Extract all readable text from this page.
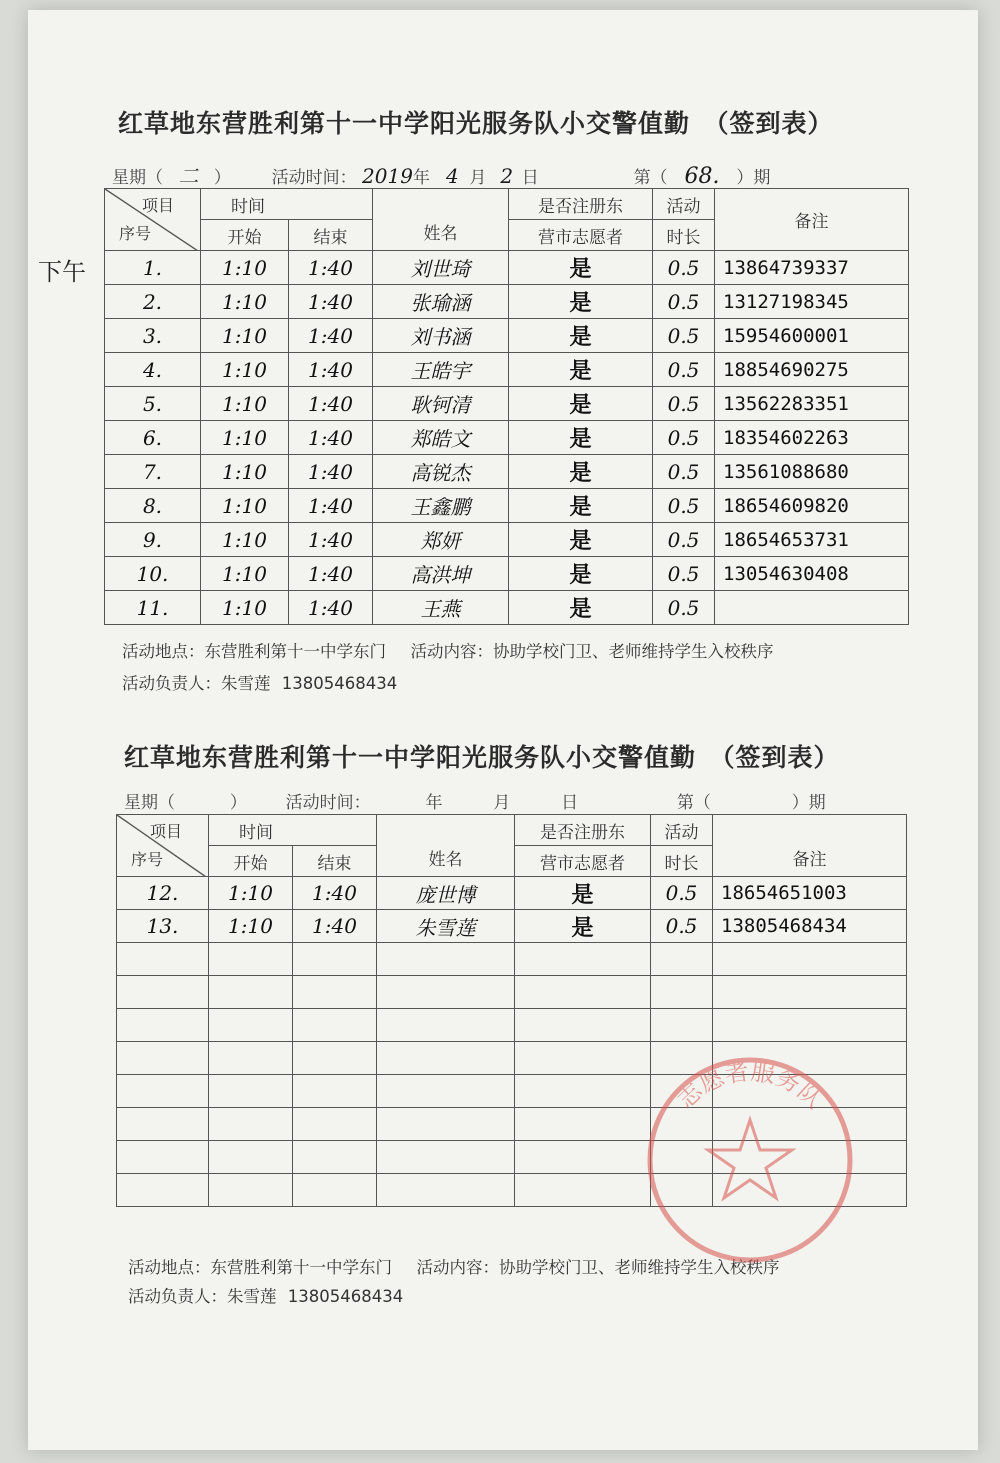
下午
红草地东营胜利第十一中学阳光服务队小交警值勤　（签到表）
星期（ 二 ） 活动时间： 2019年 4 月 2 日	第（ 68. ）期
项目
序号	时间		姓名	是否注册东	活动	备注
	开始	结束		营市志愿者	时长	
1.	1:10	1:40	刘世琦	是	0.5	13864739337
2.	1:10	1:40	张瑜涵	是	0.5	13127198345
3.	1:10	1:40	刘书涵	是	0.5	15954600001
4.	1:10	1:40	王皓宇	是	0.5	18854690275
5.	1:10	1:40	耿钶清	是	0.5	13562283351
6.	1:10	1:40	郑皓文	是	0.5	18354602263
7.	1:10	1:40	高锐杰	是	0.5	13561088680
8.	1:10	1:40	王鑫鹏	是	0.5	18654609820
9.	1:10	1:40	郑妍	是	0.5	18654653731
10.	1:10	1:40	高洪坤	是	0.5	13054630408
11.	1:10	1:40	王燕	是	0.5	
活动地点：东营胜利第十一中学东门 活动内容：协助学校门卫、老师维持学生入校秩序
活动负责人：朱雪莲 13805468434
红草地东营胜利第十一中学阳光服务队小交警值勤　（签到表）
星期（	） 活动时间：	年	月	日	第（	）期
项目
序号	时间		姓名	是否注册东	活动	备注
	开始	结束		营市志愿者	时长	
12.	1:10	1:40	庞世博	是	0.5	18654651003
13.	1:10	1:40	朱雪莲	是	0.5	13805468434

活动地点：东营胜利第十一中学东门 活动内容：协助学校门卫、老师维持学生入校秩序
活动负责人：朱雪莲 13805468434
志愿者服务队
